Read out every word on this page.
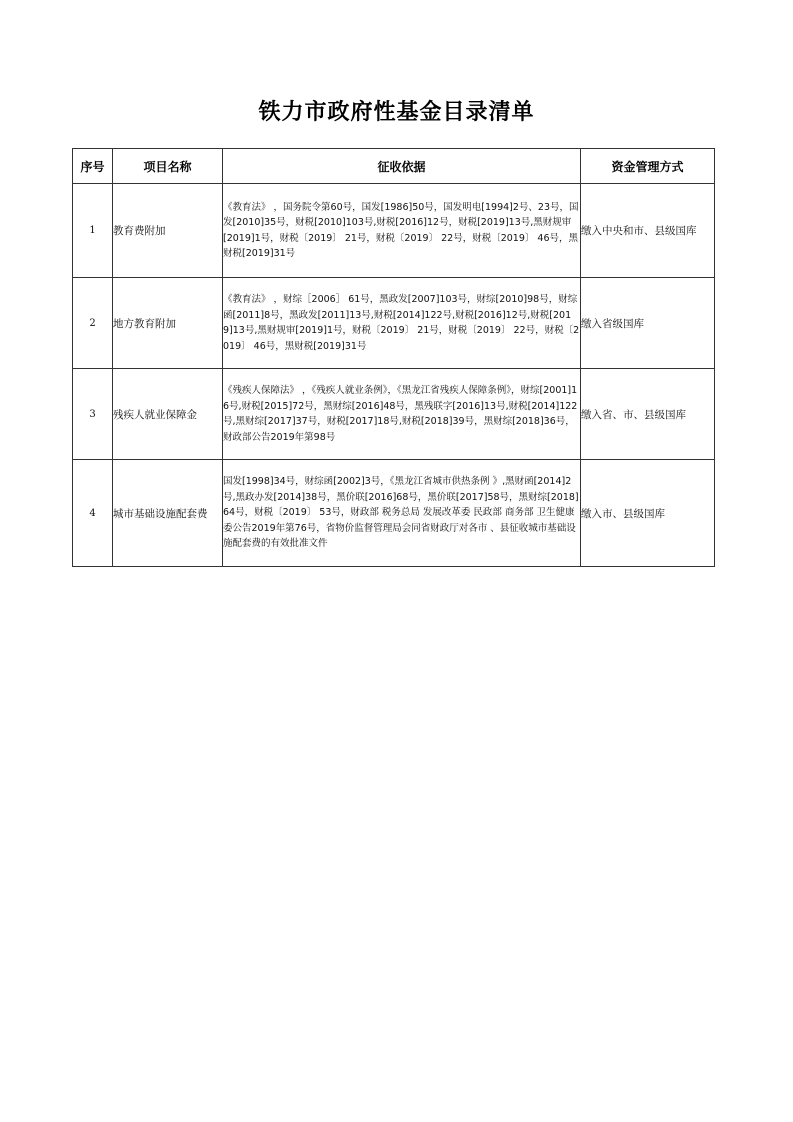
铁力市政府性基金目录清单
序号	项目名称	征收依据	资金管理方式
1	教育费附加	《教育法》 ，国务院令第60号，国发[1986]50号，国发明电[1994]2号、23号，国发[2010]35号，财税[2010]103号,财税[2016]12号，财税[2019]13号,黑财规审[2019]1号，财税〔2019〕 21号，财税〔2019〕 22号，财税〔2019〕 46号，黑财税[2019]31号	缴入中央和市、县级国库
2	地方教育附加	《教育法》 ，财综［2006］ 61号，黑政发[2007]103号，财综[2010]98号，财综函[2011]8号，黑政发[2011]13号,财税[2014]122号,财税[2016]12号,财税[2019]13号,黑财规审[2019]1号，财税〔2019〕 21号，财税〔2019〕 22号，财税〔2019〕 46号，黑财税[2019]31号	缴入省级国库
3	残疾人就业保障金	《残疾人保障法》 ，《残疾人就业条例》，《黑龙江省残疾人保障条例》，财综[2001]16号,财税[2015]72号，黑财综[2016]48号，黑残联字[2016]13号,财税[2014]122号,黑财综[2017]37号，财税[2017]18号,财税[2018]39号，黑财综[2018]36号，财政部公告2019年第98号	缴入省、市、县级国库
4	城市基础设施配套费	国发[1998]34号，财综函[2002]3号，《黑龙江省城市供热条例 》,黑财函[2014]2号,黑政办发[2014]38号，黑价联[2016]68号，黑价联[2017]58号，黑财综[2018]64号，财税〔2019〕 53号，财政部 税务总局 发展改革委 民政部 商务部 卫生健康委公告2019年第76号，省物价监督管理局会同省财政厅对各市 、县征收城市基础设施配套费的有效批准文件	缴入市、县级国库
